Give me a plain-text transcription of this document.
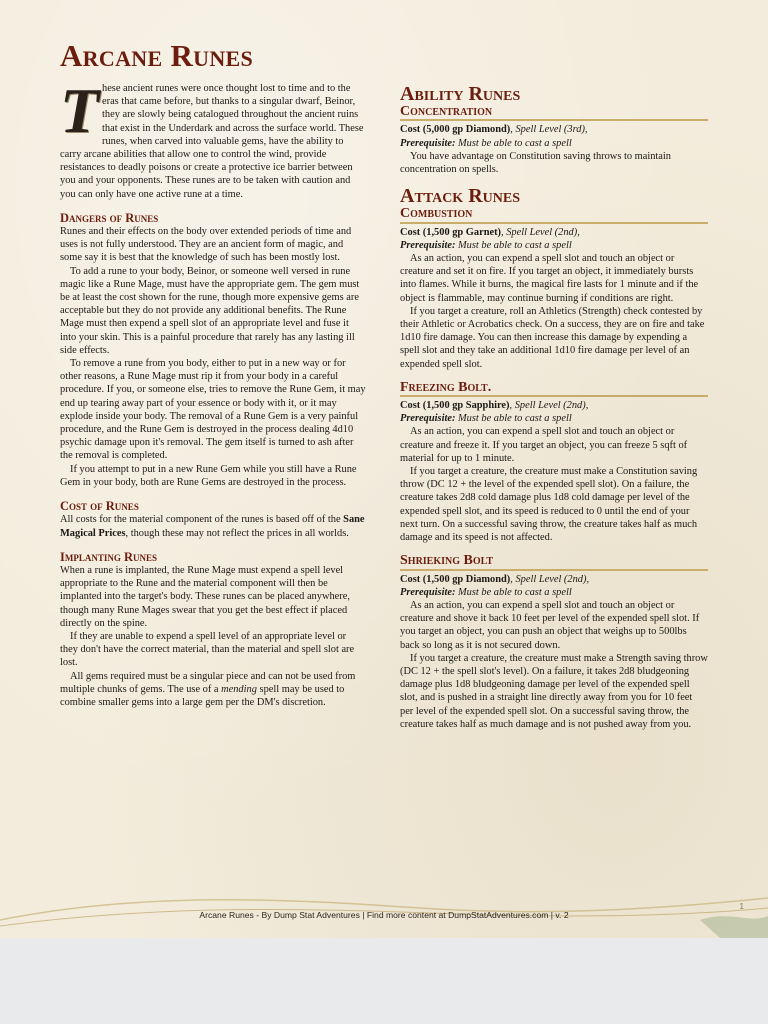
Arcane Runes
T hese ancient runes were once thought lost to time and to the eras that came before, but thanks to a singular dwarf, Beinor, they are slowly being catalogued throughout the ancient ruins that exist in the Underdark and across the surface world. These runes, when carved into valuable gems, have the ability to carry arcane abilities that allow one to control the wind, provide resistances to deadly poisons or create a protective ice barrier between you and your opponents. These runes are to be taken with caution and you can only have one active rune at a time.

Dangers of Runes

Runes and their effects on the body over extended periods of time and uses is not fully understood. They are an ancient form of magic, and some say it is best that the knowledge of such has been mostly lost.

To add a rune to your body, Beinor, or someone well versed in rune magic like a Rune Mage, must have the appropriate gem. The gem must be at least the cost shown for the rune, though more expensive gems are acceptable but they do not provide any additional benefits. The Rune Mage must then expend a spell slot of an appropriate level and fuse it into your skin. This is a painful procedure that rarely has any lasting ill side effects.

To remove a rune from you body, either to put in a new way or for other reasons, a Rune Mage must rip it from your body in a careful procedure. If you, or someone else, tries to remove the Rune Gem, it may end up tearing away part of your essence or body with it, or it may explode inside your body. The removal of a Rune Gem is a very painful procedure, and the Rune Gem is destroyed in the process dealing 4d10 psychic damage upon it's removal. The gem itself is turned to ash after the removal is completed.

If you attempt to put in a new Rune Gem while you still have a Rune Gem in your body, both are Rune Gems are destroyed in the process.

Cost of Runes

All costs for the material component of the runes is based off of the Sane Magical Prices, though these may not reflect the prices in all worlds.

Implanting Runes

When a rune is implanted, the Rune Mage must expend a spell level appropriate to the Rune and the material component will then be implanted into the target's body. These runes can be placed anywhere, though many Rune Mages swear that you get the best effect if placed directly on the spine.

If they are unable to expend a spell level of an appropriate level or they don't have the correct material, than the material and spell slot are lost.

All gems required must be a singular piece and can not be used from multiple chunks of gems. The use of a mending spell may be used to combine smaller gems into a large gem per the DM's discretion.

Ability Runes
Concentration

Cost (5,000 gp Diamond), Spell Level (3rd),

Prerequisite: Must be able to cast a spell

You have advantage on Constitution saving throws to maintain concentration on spells.

Attack Runes
Combustion

Cost (1,500 gp Garnet), Spell Level (2nd),

Prerequisite: Must be able to cast a spell

As an action, you can expend a spell slot and touch an object or creature and set it on fire. If you target an object, it immediately bursts into flames. While it burns, the magical fire lasts for 1 minute and if the object is flammable, may continue burning if conditions are right.

If you target a creature, roll an Athletics (Strength) check contested by their Athletic or Acrobatics check. On a success, they are on fire and take 1d10 fire damage. You can then increase this damage by expending a spell slot and they take an additional 1d10 fire damage per level of an expended spell slot.

Freezing Bolt.

Cost (1,500 gp Sapphire), Spell Level (2nd),

Prerequisite: Must be able to cast a spell

As an action, you can expend a spell slot and touch an object or creature and freeze it. If you target an object, you can freeze 5 sqft of material for up to 1 minute.

If you target a creature, the creature must make a Constitution saving throw (DC 12 + the level of the expended spell slot). On a failure, the creature takes 2d8 cold damage plus 1d8 cold damage per level of the expended spell slot, and its speed is reduced to 0 until the end of your next turn. On a successful saving throw, the creature takes half as much damage and its speed is not affected.

Shrieking Bolt

Cost (1,500 gp Diamond), Spell Level (2nd),

Prerequisite: Must be able to cast a spell

As an action, you can expend a spell slot and touch an object or creature and shove it back 10 feet per level of the expended spell slot. If you target an object, you can push an object that weighs up to 500lbs back so long as it is not secured down.

If you target a creature, the creature must make a Strength saving throw (DC 12 + the spell slot's level). On a failure, it takes 2d8 bludgeoning damage plus 1d8 bludgeoning damage per level of the expended spell slot, and is pushed in a straight line directly away from you for 10 feet per level of the expended spell slot. On a successful saving throw, the creature takes half as much damage and is not pushed away from you.

1
Arcane Runes - By Dump Stat Adventures | Find more content at DumpStatAdventures.com | v. 2
